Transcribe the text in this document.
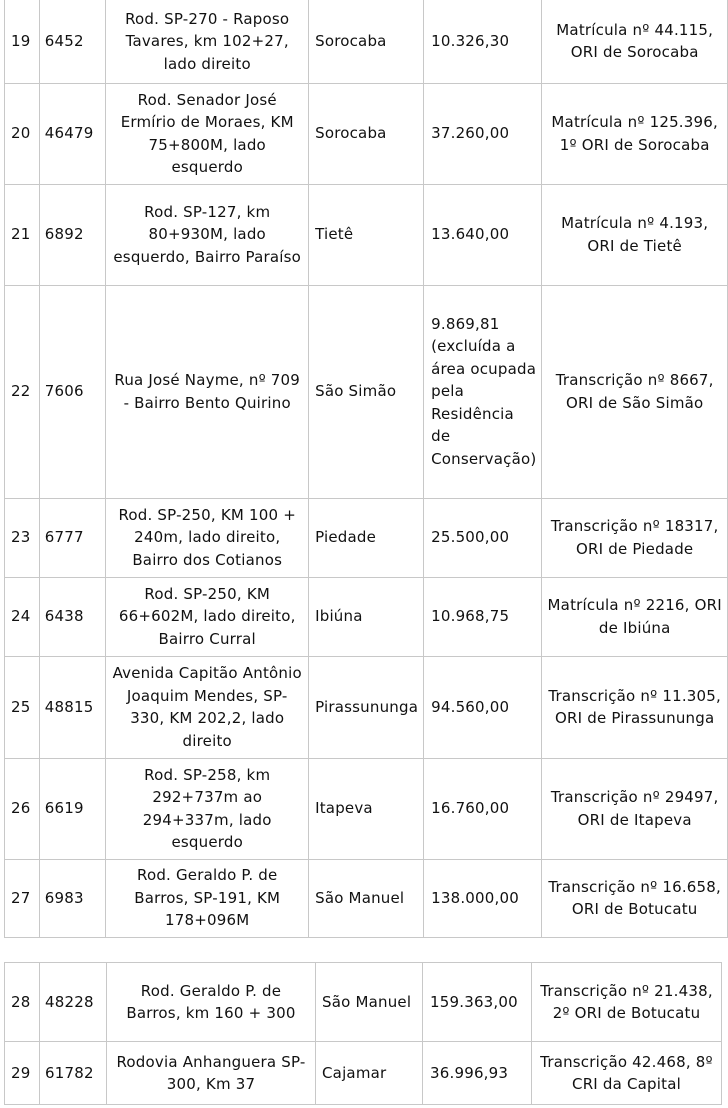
19	6452	Rod. SP-270 - Raposo Tavares, km 102+27, lado direito	Sorocaba	10.326,30	Matrícula nº 44.115, ORI de Sorocaba
20	46479	Rod. Senador José Ermírio de Moraes, KM 75+800M, lado esquerdo	Sorocaba	37.260,00	Matrícula nº 125.396, 1º ORI de Sorocaba
21	6892	Rod. SP-127, km 80+930M, lado esquerdo, Bairro Paraíso	Tietê	13.640,00	Matrícula nº 4.193, ORI de Tietê
22	7606	Rua José Nayme, nº 709 - Bairro Bento Quirino	São Simão	9.869,81 (excluída a área ocupada pela Residência de Conservação)	Transcrição nº 8667, ORI de São Simão
23	6777	Rod. SP-250, KM 100 + 240m, lado direito, Bairro dos Cotianos	Piedade	25.500,00	Transcrição nº 18317, ORI de Piedade
24	6438	Rod. SP-250, KM 66+602M, lado direito, Bairro Curral	Ibiúna	10.968,75	Matrícula nº 2216, ORI de Ibiúna
25	48815	Avenida Capitão Antônio Joaquim Mendes, SP-330, KM 202,2, lado direito	Pirassununga	94.560,00	Transcrição nº 11.305, ORI de Pirassununga
26	6619	Rod. SP-258, km 292+737m ao 294+337m, lado esquerdo	Itapeva	16.760,00	Transcrição nº 29497, ORI de Itapeva
27	6983	Rod. Geraldo P. de Barros, SP-191, KM 178+096M	São Manuel	138.000,00	Transcrição nº 16.658, ORI de Botucatu
28	48228	Rod. Geraldo P. de Barros, km 160 + 300	São Manuel	159.363,00	Transcrição nº 21.438, 2º ORI de Botucatu
29	61782	Rodovia Anhanguera SP-300, Km 37	Cajamar	36.996,93	Transcrição 42.468, 8º CRI da Capital
